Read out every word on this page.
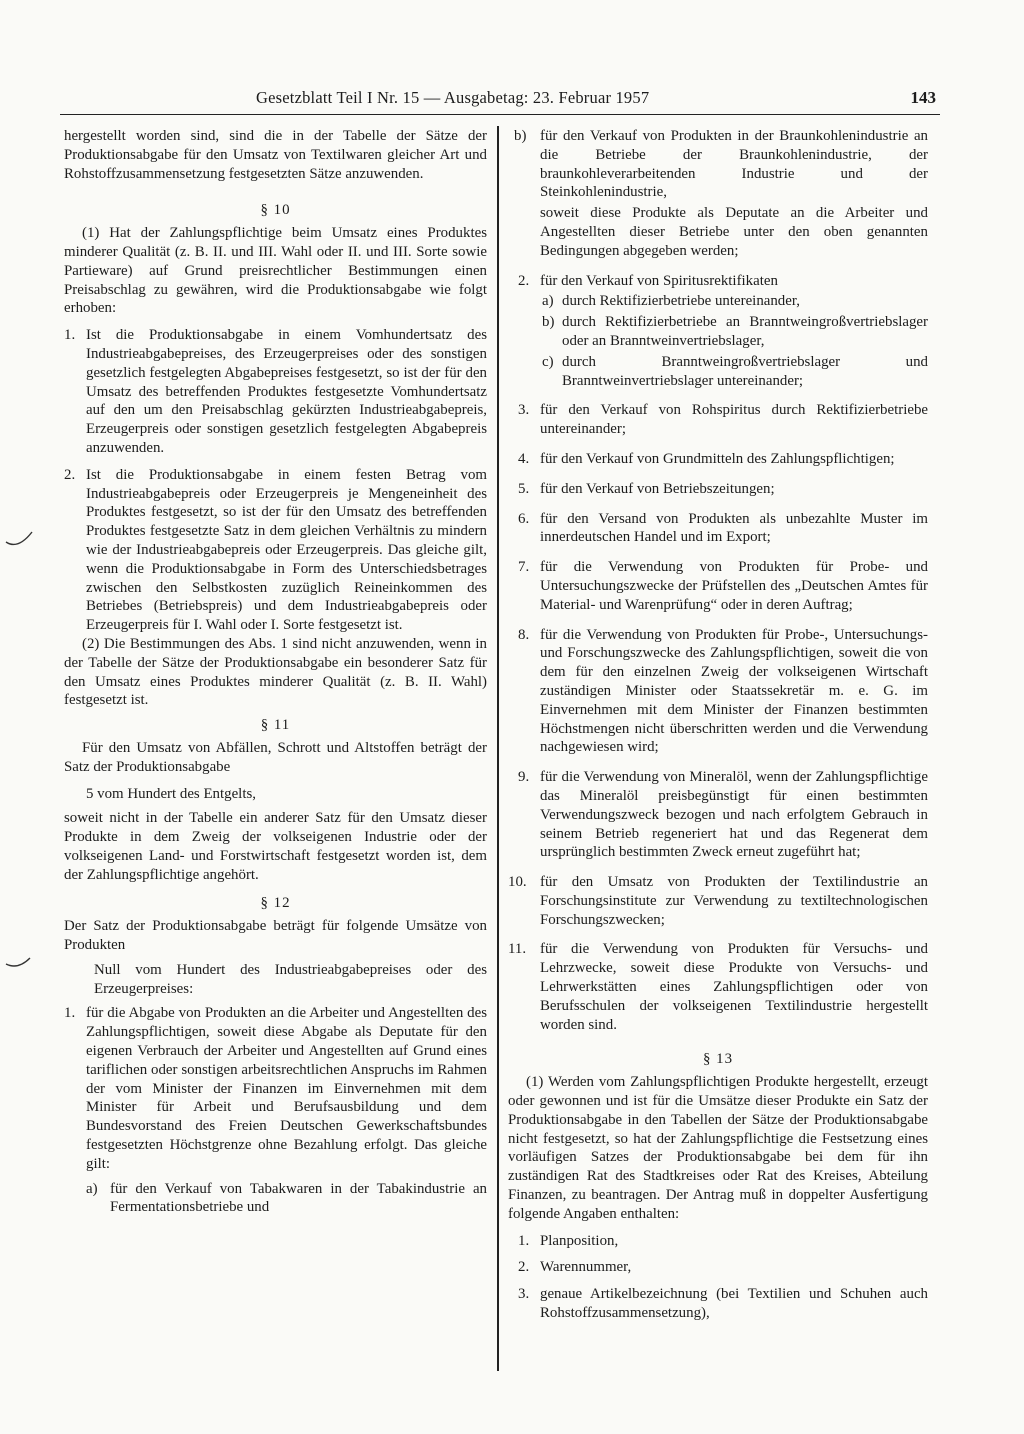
Gesetzblatt Teil I Nr. 15 — Ausgabetag: 23. Februar 1957	143

hergestellt worden sind, sind die in der Tabelle der Sätze der Produktionsabgabe für den Umsatz von Textilwaren gleicher Art und Rohstoffzusammensetzung festgesetzten Sätze anzuwenden.

§ 10

(1) Hat der Zahlungspflichtige beim Umsatz eines Produktes minderer Qualität (z. B. II. und III. Wahl oder II. und III. Sorte sowie Partieware) auf Grund preisrechtlicher Bestimmungen einen Preisabschlag zu gewähren, wird die Produktionsabgabe wie folgt erhoben:

1. Ist die Produktionsabgabe in einem Vomhundertsatz des Industrieabgabepreises, des Erzeugerpreises oder des sonstigen gesetzlich festgelegten Abgabepreises festgesetzt, so ist der für den Umsatz des betreffenden Produktes festgesetzte Vomhundertsatz auf den um den Preisabschlag gekürzten Industrieabgabepreis, Erzeugerpreis oder sonstigen gesetzlich festgelegten Abgabepreis anzuwenden.
2. Ist die Produktionsabgabe in einem festen Betrag vom Industrieabgabepreis oder Erzeugerpreis je Mengeneinheit des Produktes festgesetzt, so ist der für den Umsatz des betreffenden Produktes festgesetzte Satz in dem gleichen Verhältnis zu mindern wie der Industrieabgabepreis oder Erzeugerpreis. Das gleiche gilt, wenn die Produktionsabgabe in Form des Unterschiedsbetrages zwischen den Selbstkosten zuzüglich Reineinkommen des Betriebes (Betriebspreis) und dem Industrieabgabepreis oder Erzeugerpreis für I. Wahl oder I. Sorte festgesetzt ist.

(2) Die Bestimmungen des Abs. 1 sind nicht anzuwenden, wenn in der Tabelle der Sätze der Produktionsabgabe ein besonderer Satz für den Umsatz eines Produktes minderer Qualität (z. B. II. Wahl) festgesetzt ist.

§ 11

Für den Umsatz von Abfällen, Schrott und Altstoffen beträgt der Satz der Produktionsabgabe

5 vom Hundert des Entgelts,

soweit nicht in der Tabelle ein anderer Satz für den Umsatz dieser Produkte in dem Zweig der volkseigenen Industrie oder der volkseigenen Land- und Forstwirtschaft festgesetzt worden ist, dem der Zahlungspflichtige angehört.

§ 12

Der Satz der Produktionsabgabe beträgt für folgende Umsätze von Produkten

Null vom Hundert des Industrieabgabepreises oder des Erzeugerpreises:

1. für die Abgabe von Produkten an die Arbeiter und Angestellten des Zahlungspflichtigen, soweit diese Abgabe als Deputate für den eigenen Verbrauch der Arbeiter und Angestellten auf Grund eines tariflichen oder sonstigen arbeitsrechtlichen Anspruchs im Rahmen der vom Minister der Finanzen im Einvernehmen mit dem Minister für Arbeit und Berufsausbildung und dem Bundesvorstand des Freien Deutschen Gewerkschaftsbundes festgesetzten Höchstgrenze ohne Bezahlung erfolgt. Das gleiche gilt:
a) für den Verkauf von Tabakwaren in der Tabakindustrie an Fermentationsbetriebe und
b) für den Verkauf von Produkten in der Braunkohlenindustrie an die Betriebe der Braunkohlenindustrie, der braunkohleverarbeitenden Industrie und der Steinkohlenindustrie,

soweit diese Produkte als Deputate an die Arbeiter und Angestellten dieser Betriebe unter den oben genannten Bedingungen abgegeben werden;

2. für den Verkauf von Spiritusrektifikaten
a) durch Rektifizierbetriebe untereinander,
b) durch Rektifizierbetriebe an Branntweingroßvertriebslager oder an Branntweinvertriebslager,
c) durch Branntweingroßvertriebslager und Branntweinvertriebslager untereinander;
3. für den Verkauf von Rohspiritus durch Rektifizierbetriebe untereinander;
4. für den Verkauf von Grundmitteln des Zahlungspflichtigen;
5. für den Verkauf von Betriebszeitungen;
6. für den Versand von Produkten als unbezahlte Muster im innerdeutschen Handel und im Export;
7. für die Verwendung von Produkten für Probe- und Untersuchungszwecke der Prüfstellen des „Deutschen Amtes für Material- und Warenprüfung“ oder in deren Auftrag;
8. für die Verwendung von Produkten für Probe-, Untersuchungs- und Forschungszwecke des Zahlungspflichtigen, soweit die von dem für den einzelnen Zweig der volkseigenen Wirtschaft zuständigen Minister oder Staatssekretär m. e. G. im Einvernehmen mit dem Minister der Finanzen bestimmten Höchstmengen nicht überschritten werden und die Verwendung nachgewiesen wird;
9. für die Verwendung von Mineralöl, wenn der Zahlungspflichtige das Mineralöl preisbegünstigt für einen bestimmten Verwendungszweck bezogen und nach erfolgtem Gebrauch in seinem Betrieb regeneriert hat und das Regenerat dem ursprünglich bestimmten Zweck erneut zugeführt hat;
10. für den Umsatz von Produkten der Textilindustrie an Forschungsinstitute zur Verwendung zu textiltechnologischen Forschungszwecken;
11. für die Verwendung von Produkten für Versuchs- und Lehrzwecke, soweit diese Produkte von Versuchs- und Lehrwerkstätten eines Zahlungspflichtigen oder von Berufsschulen der volkseigenen Textilindustrie hergestellt worden sind.
§ 13

(1) Werden vom Zahlungspflichtigen Produkte hergestellt, erzeugt oder gewonnen und ist für die Umsätze dieser Produkte ein Satz der Produktionsabgabe in den Tabellen der Sätze der Produktionsabgabe nicht festgesetzt, so hat der Zahlungspflichtige die Festsetzung eines vorläufigen Satzes der Produktionsabgabe bei dem für ihn zuständigen Rat des Stadtkreises oder Rat des Kreises, Abteilung Finanzen, zu beantragen. Der Antrag muß in doppelter Ausfertigung folgende Angaben enthalten:

1. Planposition,
2. Warennummer,
3. genaue Artikelbezeichnung (bei Textilien und Schuhen auch Rohstoffzusammensetzung),
